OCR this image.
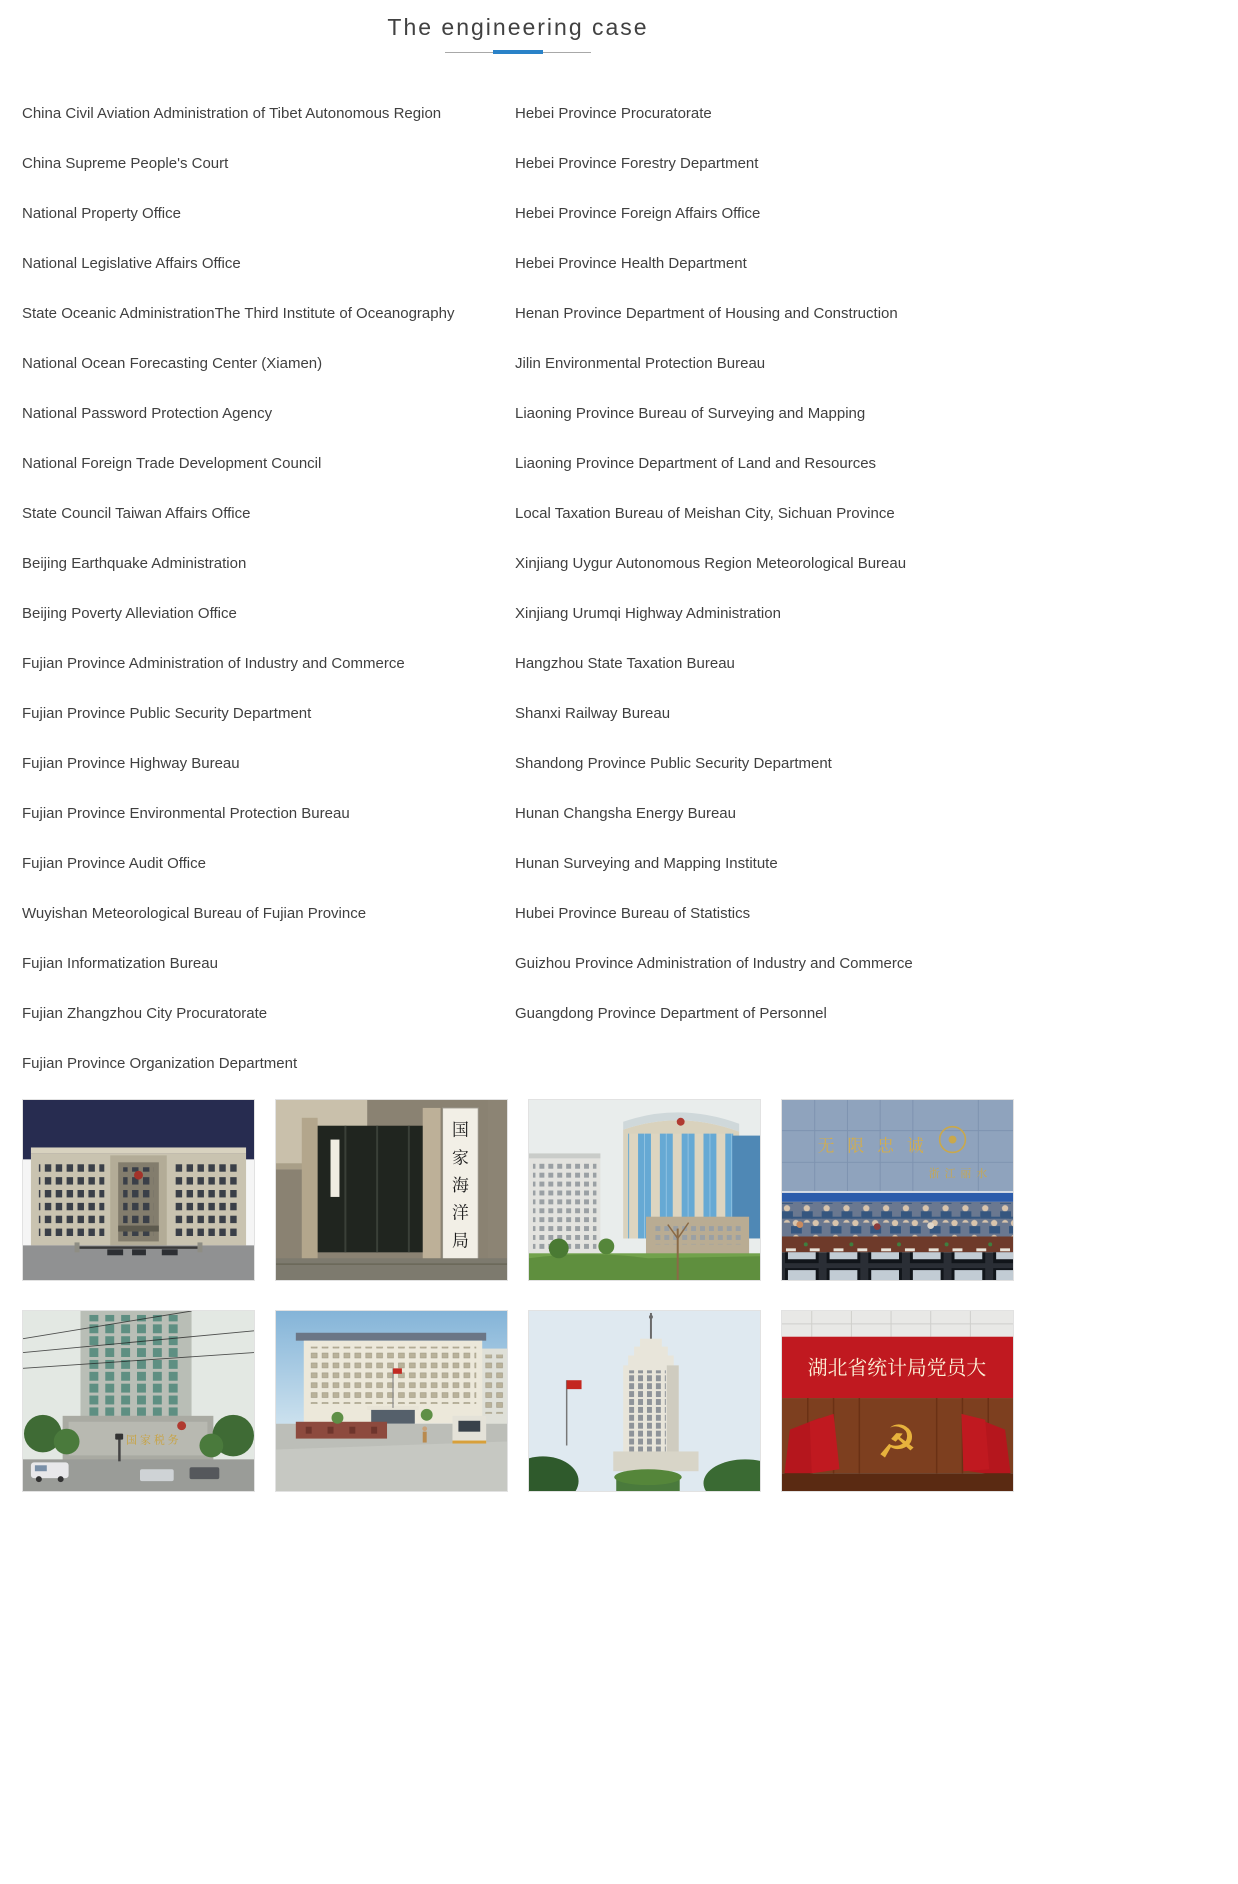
The engineering case
China Civil Aviation Administration of Tibet Autonomous Region
China Supreme People's Court
National Property Office
National Legislative Affairs Office
State Oceanic AdministrationThe Third Institute of Oceanography
National Ocean Forecasting Center (Xiamen)
National Password Protection Agency
National Foreign Trade Development Council
State Council Taiwan Affairs Office
Beijing Earthquake Administration
Beijing Poverty Alleviation Office
Fujian Province Administration of Industry and Commerce
Fujian Province Public Security Department
Fujian Province Highway Bureau
Fujian Province Environmental Protection Bureau
Fujian Province Audit Office
Wuyishan Meteorological Bureau of Fujian Province
Fujian Informatization Bureau
Fujian Zhangzhou City Procuratorate
Fujian Province Organization Department
Hebei Province Procuratorate
Hebei Province Forestry Department
Hebei Province Foreign Affairs Office
Hebei Province Health Department
Henan Province Department of Housing and Construction
Jilin Environmental Protection Bureau
Liaoning Province Bureau of Surveying and Mapping
Liaoning Province Department of Land and Resources
Local Taxation Bureau of Meishan City, Sichuan Province
Xinjiang Uygur Autonomous Region Meteorological Bureau
Xinjiang Urumqi Highway Administration
Hangzhou State Taxation Bureau
Shanxi Railway Bureau
Shandong Province Public Security Department
Hunan Changsha Energy Bureau
Hunan Surveying and Mapping Institute
Hubei Province Bureau of Statistics
Guizhou Province Administration of Industry and Commerce
Guangdong Province Department of Personnel
国家海洋局
无限忠诚
浙江丽水
国家税务
湖北省统计局党员大
☭
